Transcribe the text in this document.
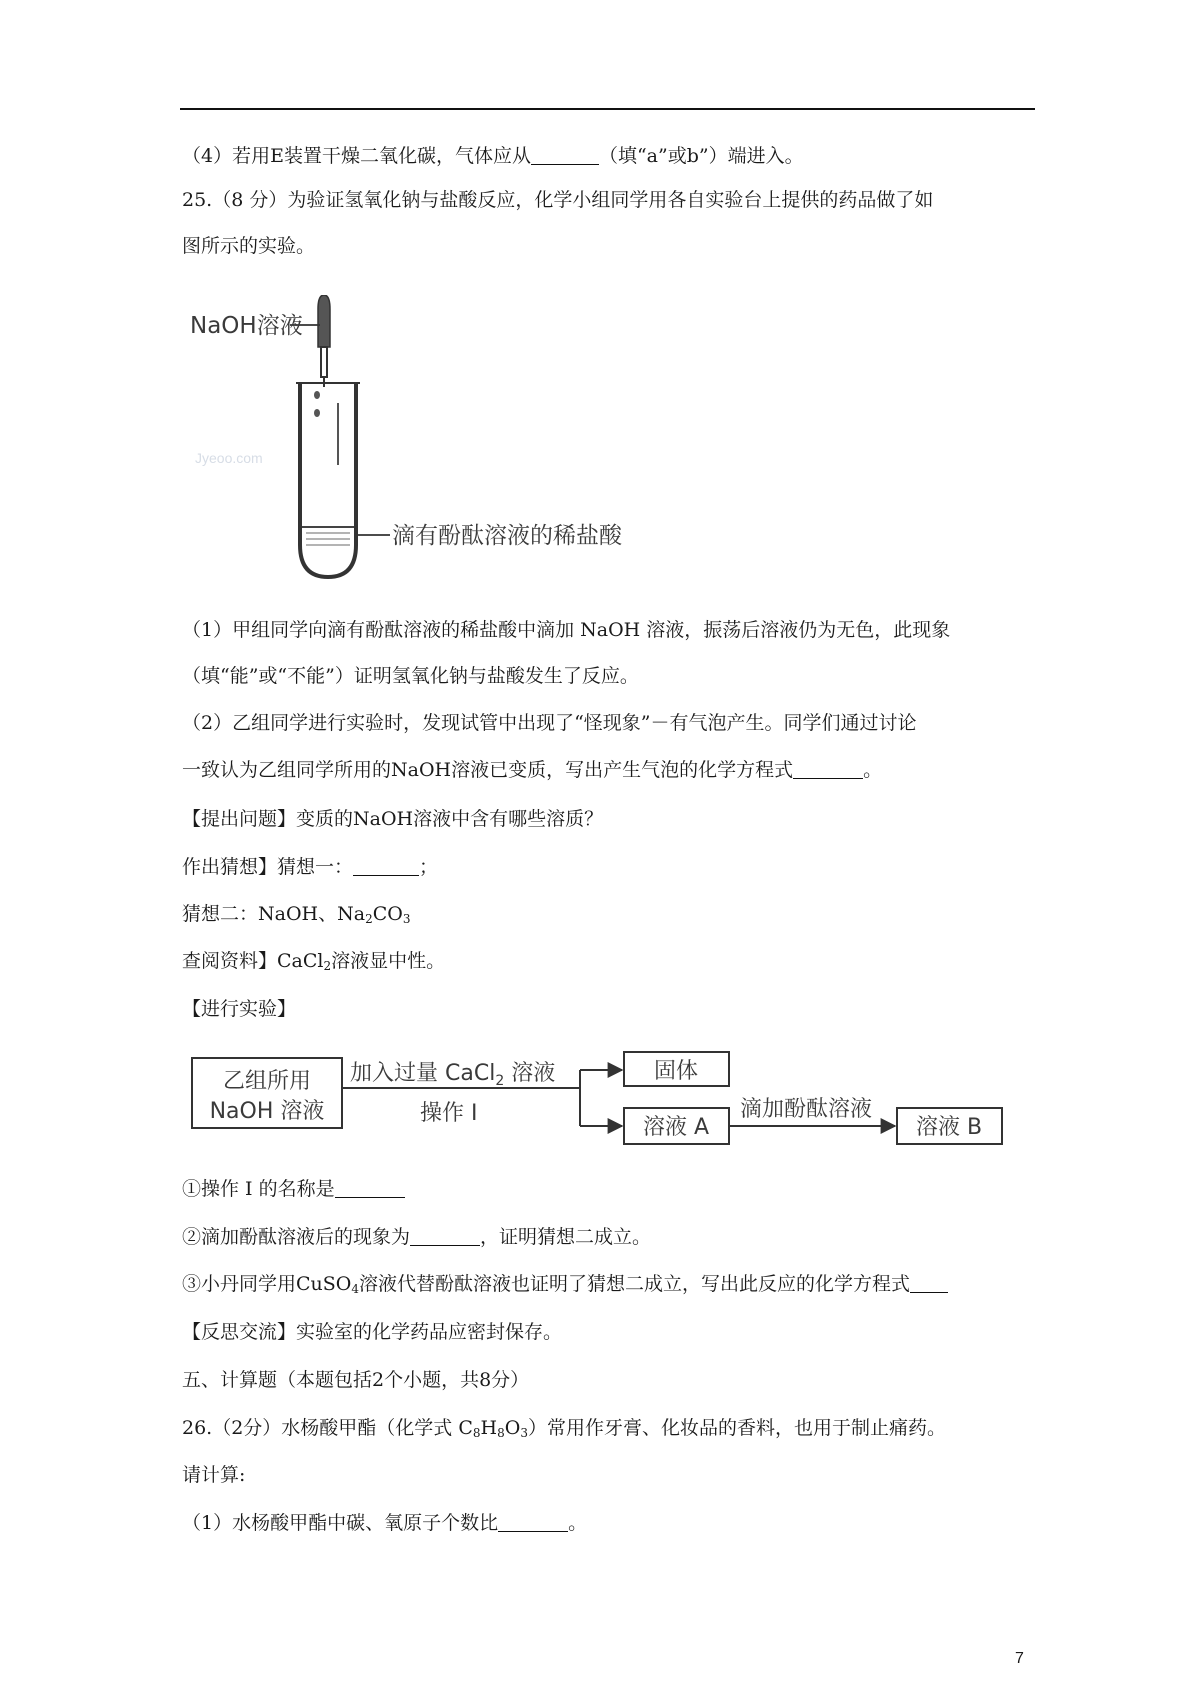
（4）若用E装置干燥二氧化碳，气体应从	（填“a”或b”）端进入。
25.（8 分）为验证氢氧化钠与盐酸反应，化学小组同学用各自实验台上提供的药品做了如
图所示的实验。
NaOH溶液
滴有酚酞溶液的稀盐酸
Jyeoo.com
（1）甲组同学向滴有酚酞溶液的稀盐酸中滴加 NaOH 溶液，振荡后溶液仍为无色，此现象
（填“能”或“不能”）证明氢氧化钠与盐酸发生了反应。
（2）乙组同学进行实验时，发现试管中出现了“怪现象”－有气泡产生。同学们通过讨论
一致认为乙组同学所用的NaOH溶液已变质，写出产生气泡的化学方程式	。
【提出问题】变质的NaOH溶液中含有哪些溶质？
作出猜想】猜想一：	；
猜想二：NaOH、$Na_2CO_3$
查阅资料】CaCl$_2$溶液显中性。
【进行实验】
乙组所用
NaOH 溶液
加入过量 CaCl$_2$ 溶液
操作 I
固体
溶液 A
滴加酚酞溶液
溶液 B
①操作 I 的名称是
②滴加酚酞溶液后的现象为	，证明猜想二成立。
③小丹同学用CuSO$_4$溶液代替酚酞溶液也证明了猜想二成立，写出此反应的化学方程式
【反思交流】实验室的化学药品应密封保存。
五、计算题（本题包括2个小题，共8分）
26.（2分）水杨酸甲酯（化学式 $C_8H_8O_3$）常用作牙膏、化妆品的香料，也用于制止痛药。
请计算:
（1）水杨酸甲酯中碳、氧原子个数比	。
7
